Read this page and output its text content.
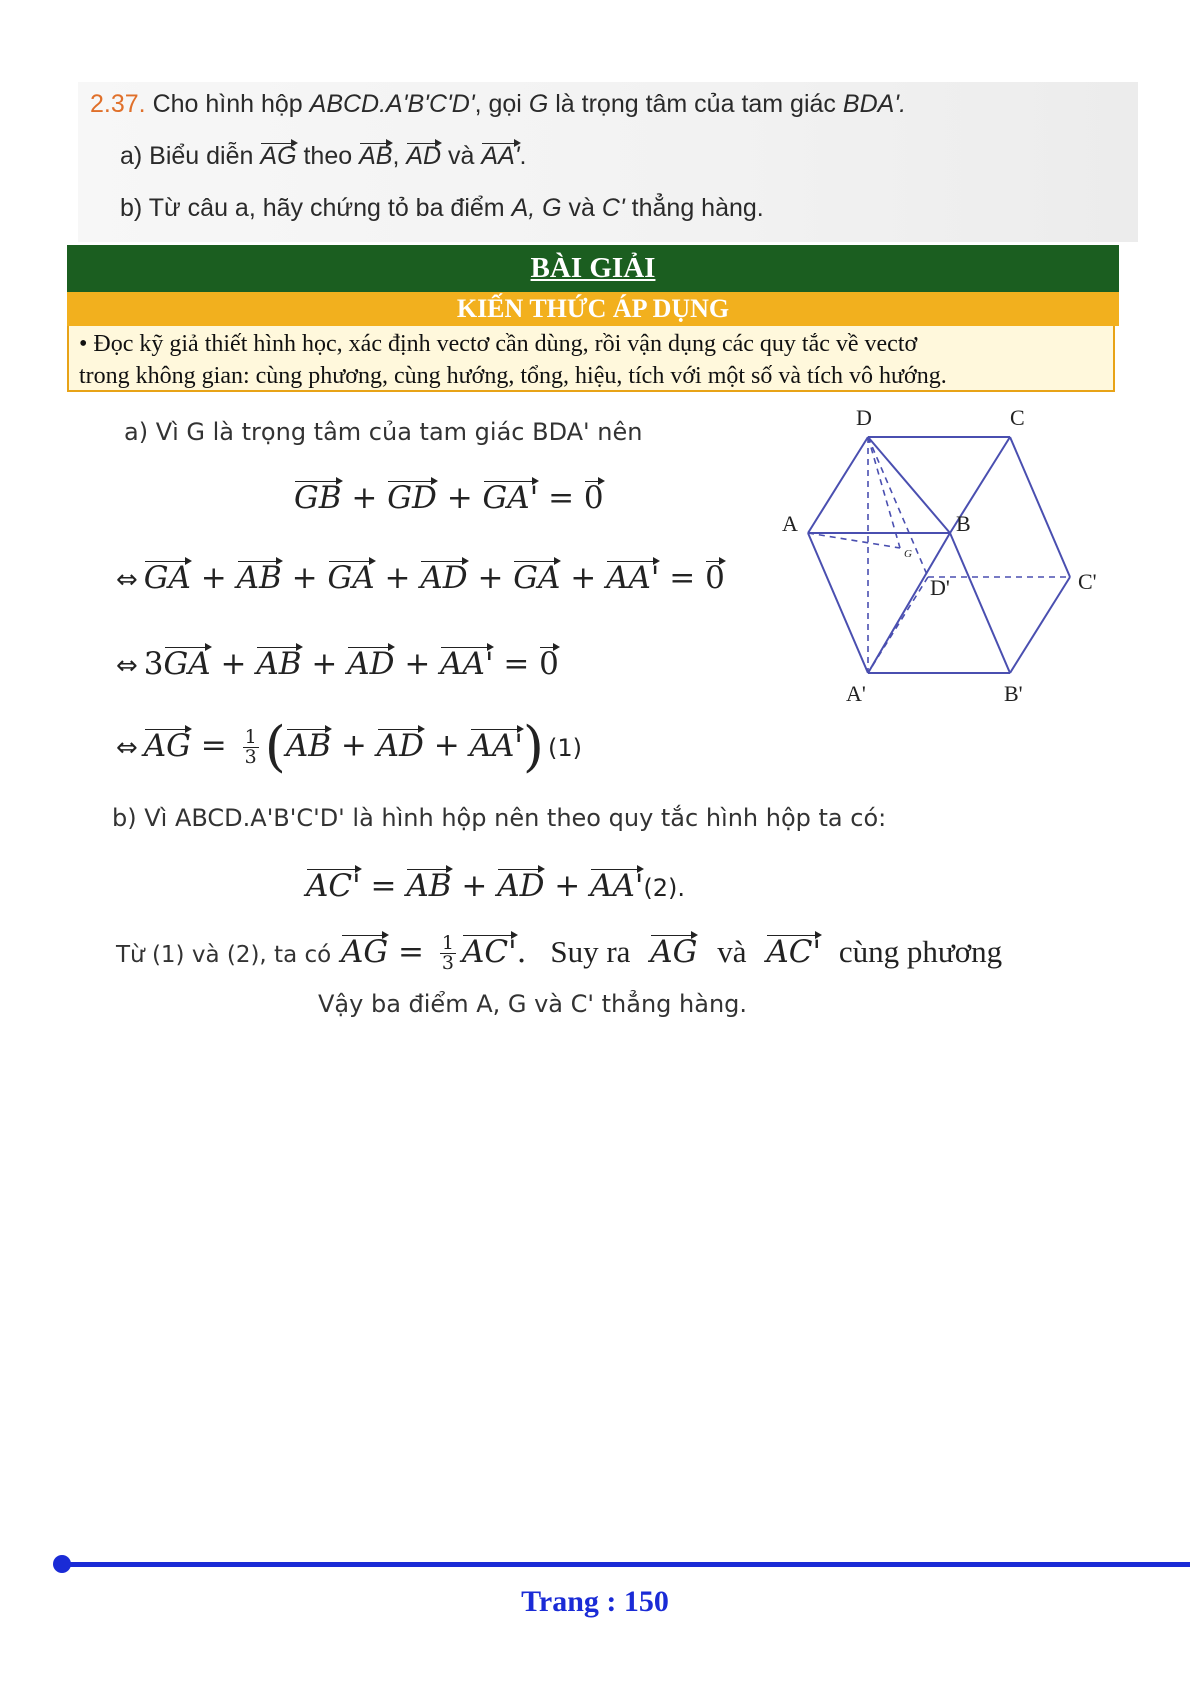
2.37. Cho hình hộp ABCD.A'B'C'D', gọi G là trọng tâm của tam giác BDA'.
a) Biểu diễn AG theo AB, AD và AA'.
b) Từ câu a, hãy chứng tỏ ba điểm A, G và C' thẳng hàng.
BÀI GIẢI
KIẾN THỨC ÁP DỤNG
• Đọc kỹ giả thiết hình học, xác định vectơ cần dùng, rồi vận dụng các quy tắc về vectơ
trong không gian: cùng phương, cùng hướng, tổng, hiệu, tích với một số và tích vô hướng.
a) Vì G là trọng tâm của tam giác BDA' nên
GB + GD + GA' = 0
⇔ GA + AB + GA + AD + GA + AA' = 0
⇔ 3GA + AB + AD + AA' = 0
⇔ AG = $\frac{1}{3} (AB$ + AD + AA') (1)
b) Vì ABCD.A'B'C'D' là hình hộp nên theo quy tắc hình hộp ta có:
AC' = AB + AD + AA'(2).
Từ (1) và (2), ta có AG = $\frac{1}{3} AC'$. Suy ra AG và AC' cùng phương
Vậy ba điểm A, G và C' thẳng hàng.
D	C
A	B
D'	C'
A'	B'
G
Trang : 150
